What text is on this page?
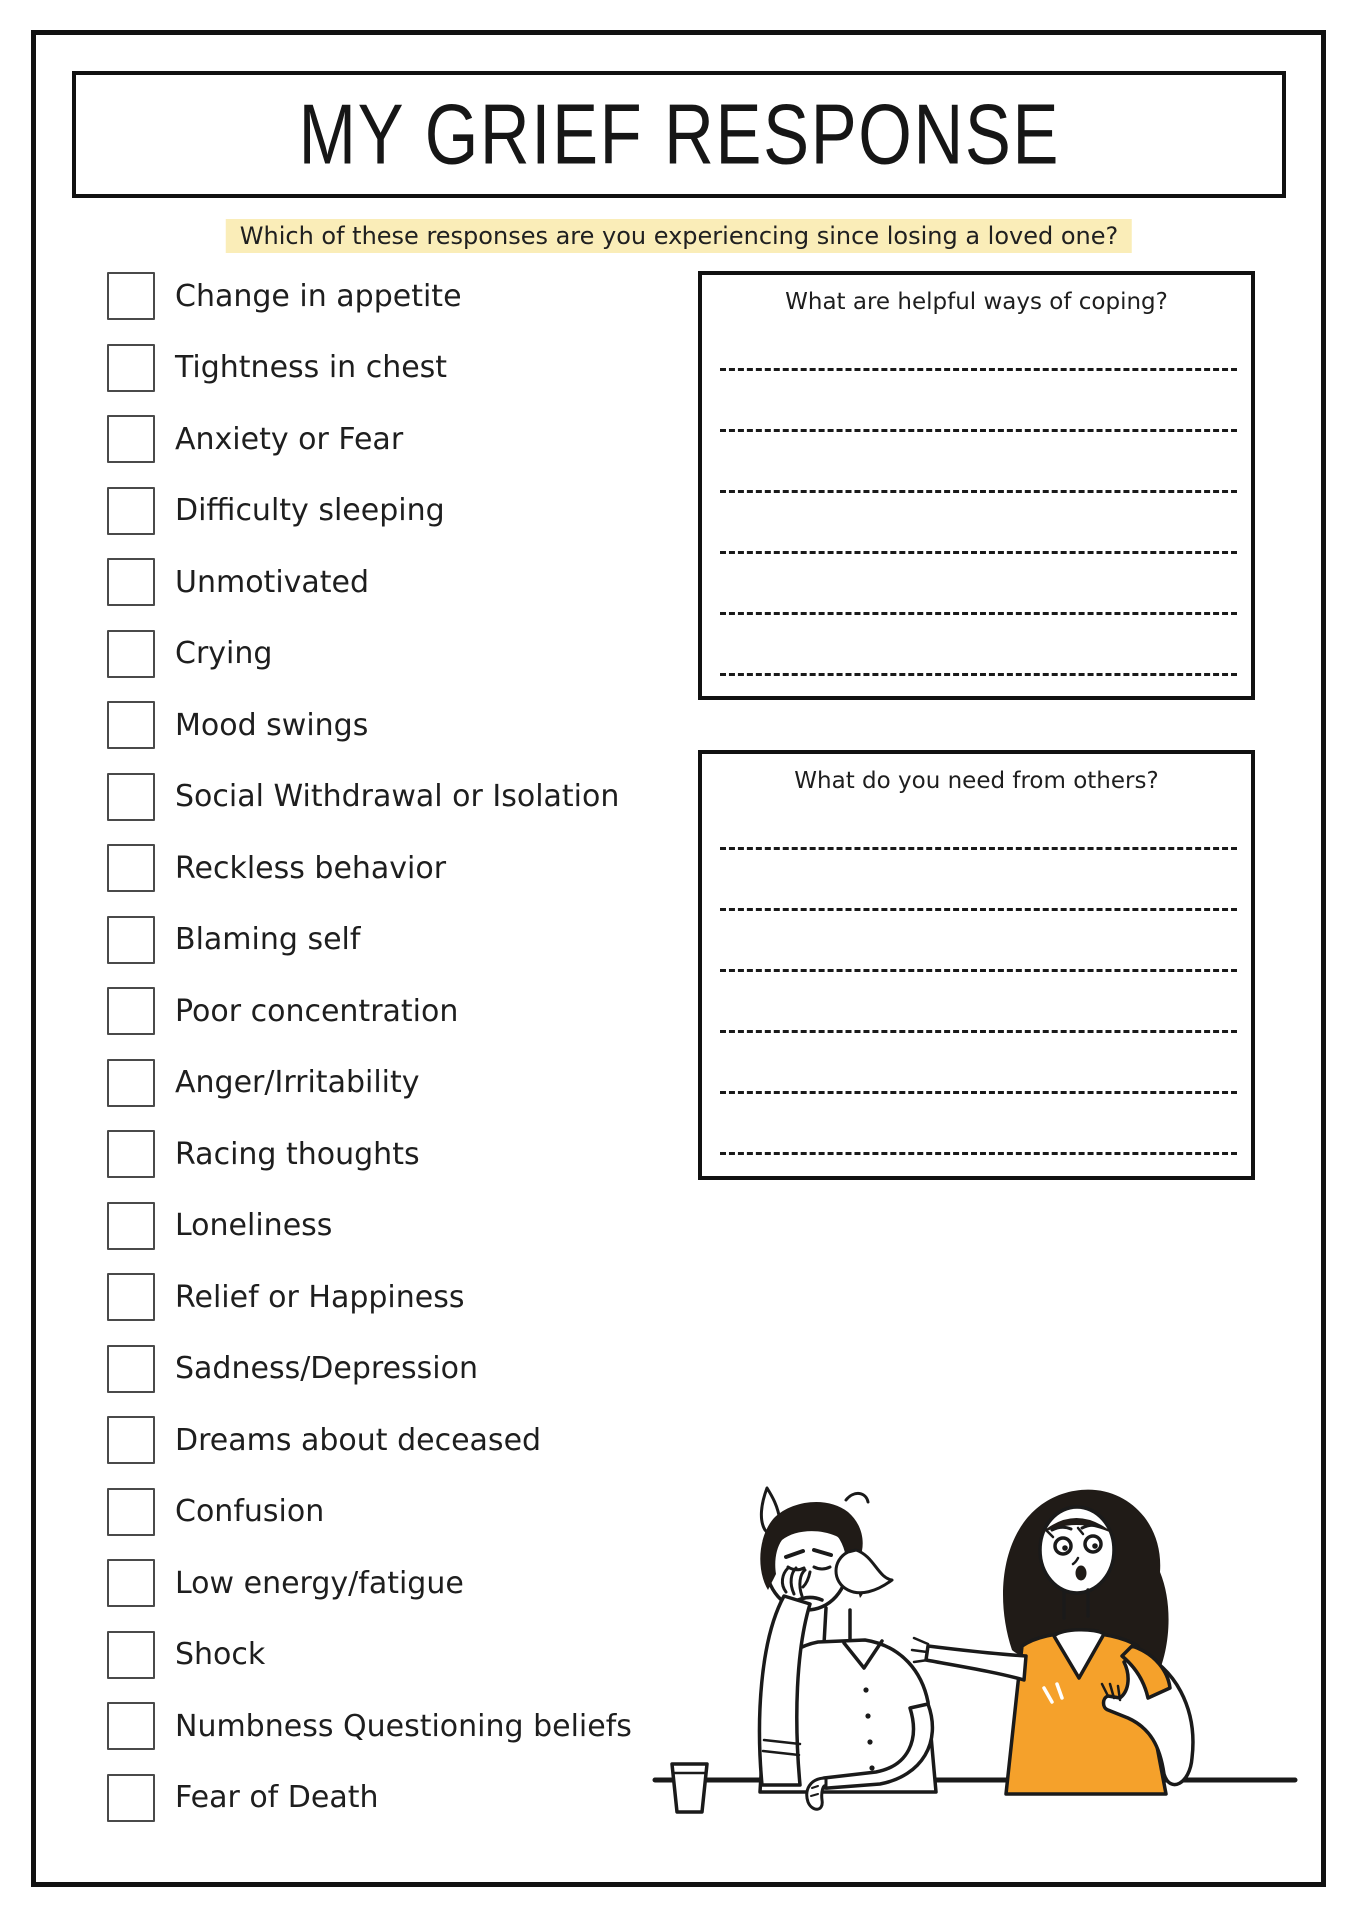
MY GRIEF RESPONSE
Which of these responses are you experiencing since losing a loved one?
Change in appetite
Tightness in chest
Anxiety or Fear
Difficulty sleeping
Unmotivated
Crying
Mood swings
Social Withdrawal or Isolation
Reckless behavior
Blaming self
Poor concentration
Anger/Irritability
Racing thoughts
Loneliness
Relief or Happiness
Sadness/Depression
Dreams about deceased
Confusion
Low energy/fatigue
Shock
Numbness Questioning beliefs
Fear of Death
What are helpful ways of coping?
What do you need from others?
